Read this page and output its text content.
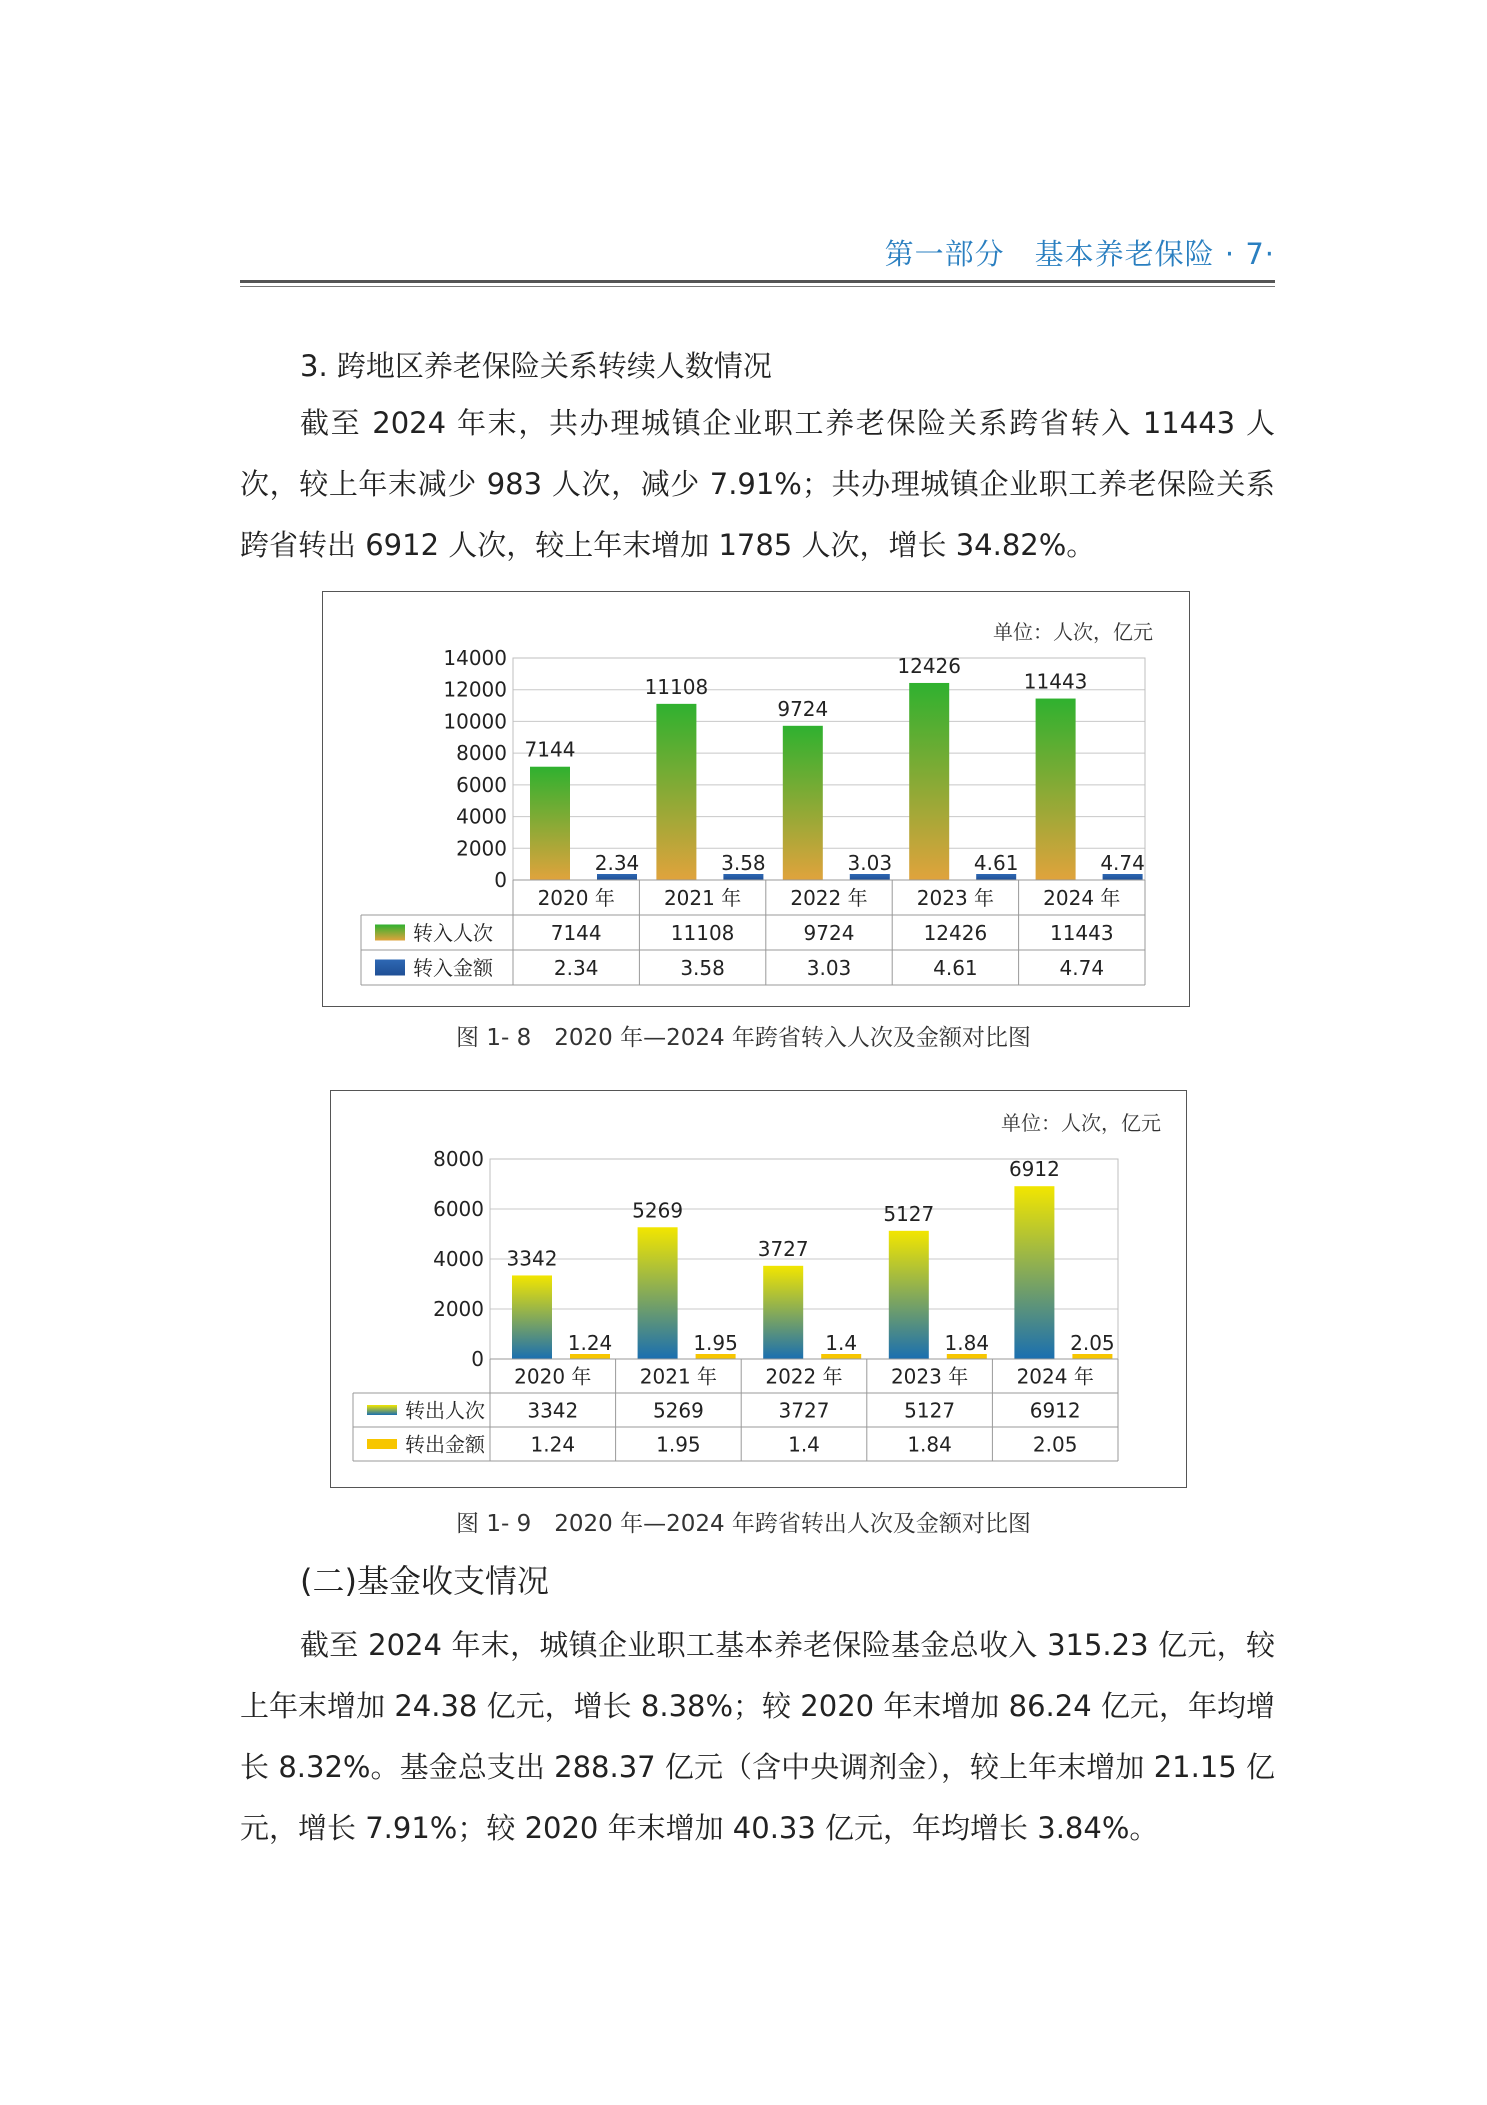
第一部分　基本养老保险 · 7·
3. 跨地区养老保险关系转续人数情况
截至 2024 年末，共办理城镇企业职工养老保险关系跨省转入 11443 人次，较上年末减少 983 人次，减少 7.91%；共办理城镇企业职工养老保险关系跨省转出 6912 人次，较上年末增加 1785 人次，增长 34.82%。
单位：人次，亿元
0
2000
4000
6000
8000
10000
12000
14000
7144
2.34
11108
3.58
9724
3.03
12426
4.61
11443
4.74
2020 年 2021 年 2022 年 2023 年 2024 年
转入人次	7144	11108	9724	12426	11443
转入金额	2.34	3.58	3.03	4.61	4.74
图 1- 8　2020 年—2024 年跨省转入人次及金额对比图
单位：人次，亿元
0
2000
4000
6000
8000
3342
1.24
5269
1.95
3727
1.4
5127
1.84
6912
2.05
2020 年 2021 年 2022 年 2023 年 2024 年
转出人次 3342	5269	3727	5127	6912
转出金额 1.24	1.95	1.4	1.84	2.05
图 1- 9　2020 年—2024 年跨省转出人次及金额对比图
(二)基金收支情况
截至 2024 年末，城镇企业职工基本养老保险基金总收入 315.23 亿元，较上年末增加 24.38 亿元，增长 8.38%；较 2020 年末增加 86.24 亿元，年均增长 8.32%。基金总支出 288.37 亿元（含中央调剂金），较上年末增加 21.15 亿元，增长 7.91%；较 2020 年末增加 40.33 亿元，年均增长 3.84%。
